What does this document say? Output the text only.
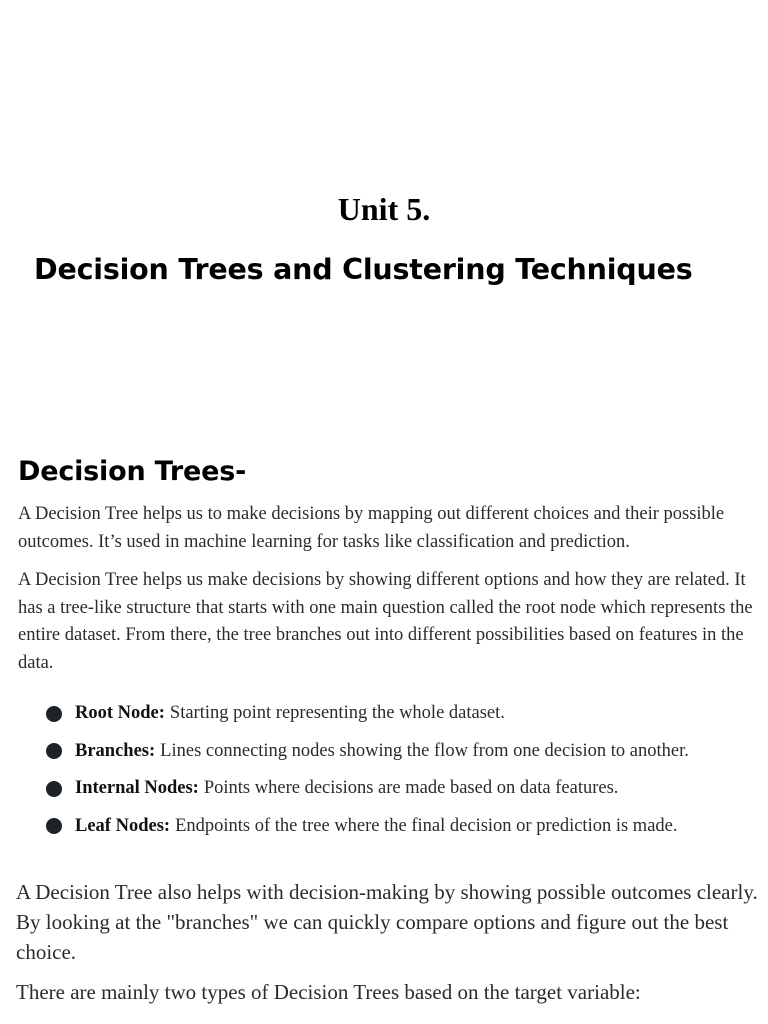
Unit 5.
Decision Trees and Clustering Techniques
Decision Trees-

A Decision Tree helps us to make decisions by mapping out different choices and their possible outcomes. It’s used in machine learning for tasks like classification and prediction.

A Decision Tree helps us make decisions by showing different options and how they are related. It has a tree-like structure that starts with one main question called the root node which represents the entire dataset. From there, the tree branches out into different possibilities based on features in the data.

Root Node: Starting point representing the whole dataset.
Branches: Lines connecting nodes showing the flow from one decision to another.
Internal Nodes: Points where decisions are made based on data features.
Leaf Nodes: Endpoints of the tree where the final decision or prediction is made.

A Decision Tree also helps with decision-making by showing possible outcomes clearly. By looking at the "branches" we can quickly compare options and figure out the best choice.

There are mainly two types of Decision Trees based on the target variable:
